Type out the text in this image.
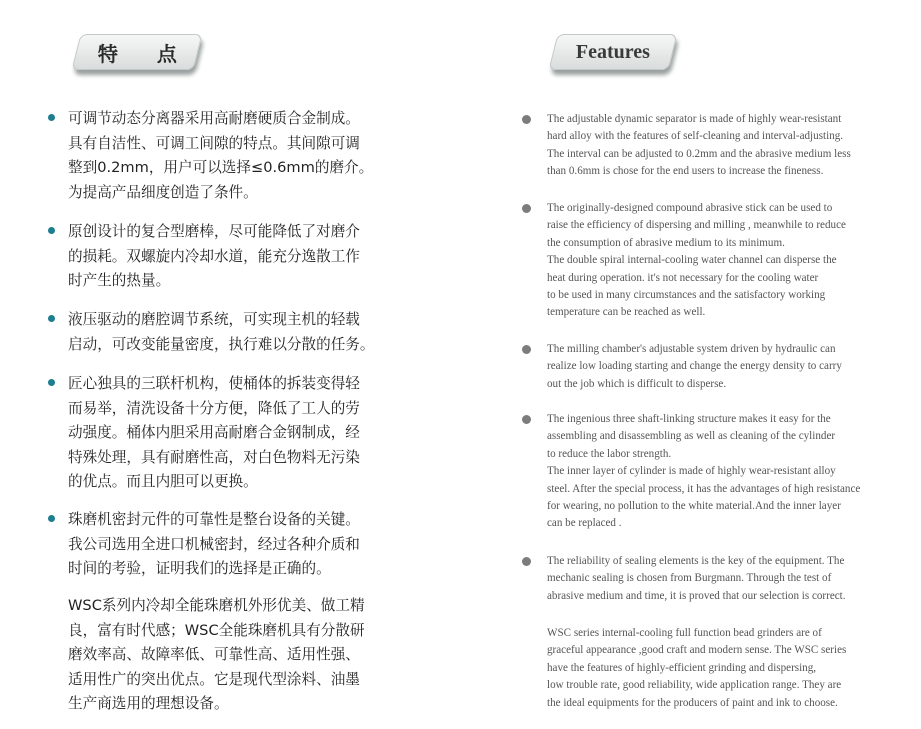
特 点	Features

可调节动态分离器采用高耐磨硬质合金制成。
具有自洁性、可调工间隙的特点。其间隙可调
整到0.2mm，用户可以选择≤0.6mm的磨介。
为提高产品细度创造了条件。

原创设计的复合型磨棒，尽可能降低了对磨介
的损耗。双螺旋内冷却水道，能充分逸散工作
时产生的热量。

液压驱动的磨腔调节系统，可实现主机的轻载
启动，可改变能量密度，执行难以分散的任务。

匠心独具的三联杆机构，使桶体的拆装变得轻
而易举，清洗设备十分方便，降低了工人的劳
动强度。桶体内胆采用高耐磨合金钢制成，经
特殊处理，具有耐磨性高，对白色物料无污染
的优点。而且内胆可以更换。

珠磨机密封元件的可靠性是整台设备的关键。
我公司选用全进口机械密封，经过各种介质和
时间的考验，证明我们的选择是正确的。

WSC系列内冷却全能珠磨机外形优美、做工精
良，富有时代感；WSC全能珠磨机具有分散研
磨效率高、故障率低、可靠性高、适用性强、
适用性广的突出优点。它是现代型涂料、油墨
生产商选用的理想设备。

The adjustable dynamic separator is made of highly wear-resistant
hard alloy with the features of self-cleaning and interval-adjusting.
The interval can be adjusted to 0.2mm and the abrasive medium less
than 0.6mm is chose for the end users to increase the fineness.

The originally-designed compound abrasive stick can be used to
raise the efficiency of dispersing and milling , meanwhile to reduce
the consumption of abrasive medium to its minimum.
The double spiral internal-cooling water channel can disperse the
heat during operation. it's not necessary for the cooling water
to be used in many circumstances and the satisfactory working
temperature can be reached as well.

The milling chamber's adjustable system driven by hydraulic can
realize low loading starting and change the energy density to carry
out the job which is difficult to disperse.

The ingenious three shaft-linking structure makes it easy for the
assembling and disassembling as well as cleaning of the cylinder
to reduce the labor strength.
The inner layer of cylinder is made of highly wear-resistant alloy
steel. After the special process, it has the advantages of high resistance
for wearing, no pollution to the white material.And the inner layer
can be replaced .

The reliability of sealing elements is the key of the equipment. The
mechanic sealing is chosen from Burgmann. Through the test of
abrasive medium and time, it is proved that our selection is correct.

WSC series internal-cooling full function bead grinders are of
graceful appearance ,good craft and modern sense. The WSC series
have the features of highly-efficient grinding and dispersing,
low trouble rate, good reliability, wide application range. They are
the ideal equipments for the producers of paint and ink to choose.
